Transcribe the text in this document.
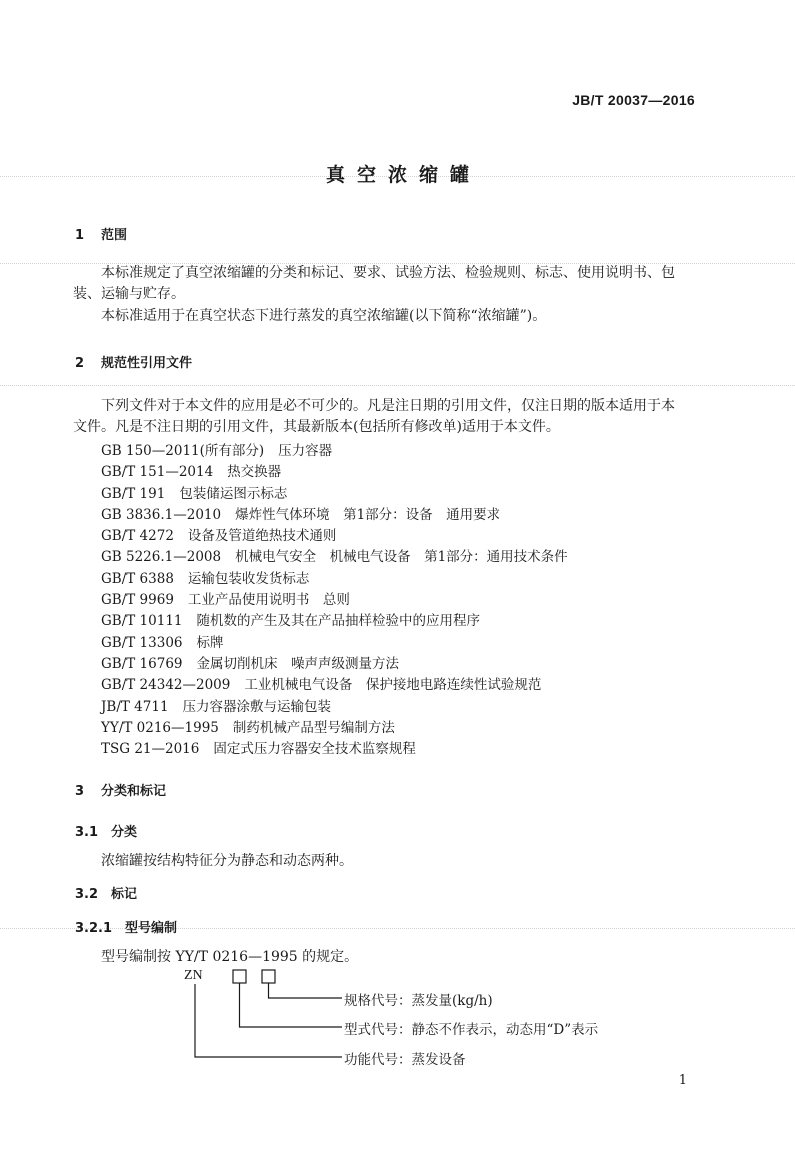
JB/T 20037—2016
真空浓缩罐
1 范围
本标准规定了真空浓缩罐的分类和标记、要求、试验方法、检验规则、标志、使用说明书、包装、运输与贮存。
本标准适用于在真空状态下进行蒸发的真空浓缩罐(以下简称“浓缩罐”)。
2 规范性引用文件
下列文件对于本文件的应用是必不可少的。凡是注日期的引用文件，仅注日期的版本适用于本文件。凡是不注日期的引用文件，其最新版本(包括所有修改单)适用于本文件。
GB 150—2011(所有部分) 压力容器
GB/T 151—2014 热交换器
GB/T 191 包装储运图示标志
GB 3836.1—2010 爆炸性气体环境　第1部分：设备　通用要求
GB/T 4272 设备及管道绝热技术通则
GB 5226.1—2008 机械电气安全　机械电气设备　第1部分：通用技术条件
GB/T 6388 运输包装收发货标志
GB/T 9969 工业产品使用说明书　总则
GB/T 10111 随机数的产生及其在产品抽样检验中的应用程序
GB/T 13306 标牌
GB/T 16769 金属切削机床　噪声声级测量方法
GB/T 24342—2009 工业机械电气设备　保护接地电路连续性试验规范
JB/T 4711 压力容器涂敷与运输包装
YY/T 0216—1995 制药机械产品型号编制方法
TSG 21—2016 固定式压力容器安全技术监察规程
3 分类和标记
3.1 分类
浓缩罐按结构特征分为静态和动态两种。
3.2 标记
3.2.1 型号编制
型号编制按 YY/T 0216—1995 的规定。
ZN
规格代号：蒸发量(kg/h)
型式代号：静态不作表示，动态用“D”表示
功能代号：蒸发设备
1
